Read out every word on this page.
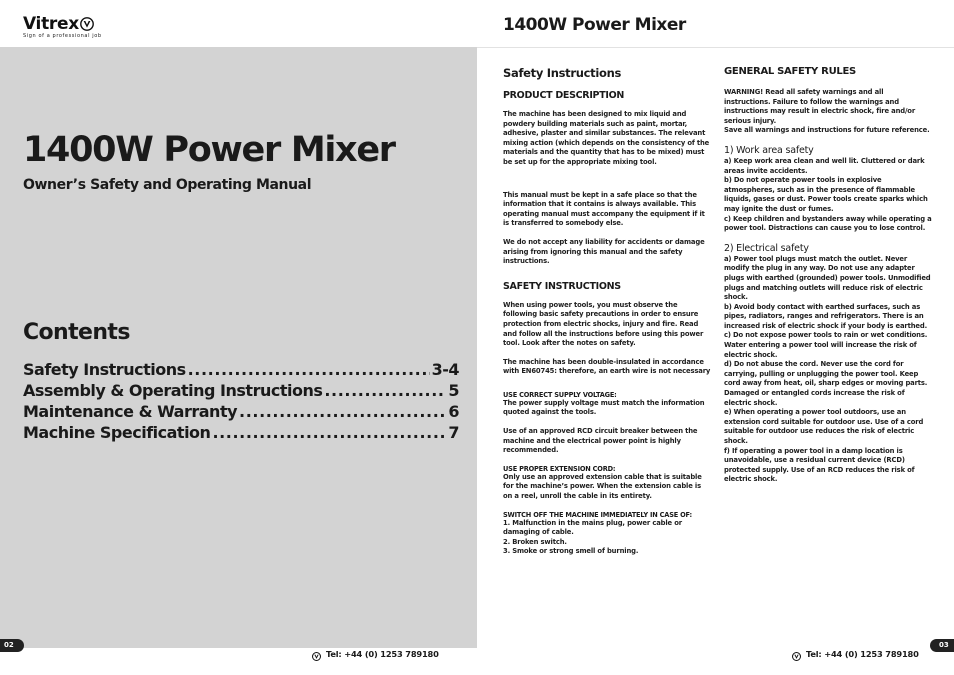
Vitrex
Sign of a professional job
1400W Power Mixer
Owner’s Safety and Operating Manual
Contents
Safety Instructions .....	3-4
Assembly & Operating Instructions .....	5
Maintenance & Warranty .....	6
Machine Specification .....	7
02
Tel: +44 (0) 1253 789180
1400W Power Mixer
Safety Instructions
PRODUCT DESCRIPTION
The machine has been designed to mix liquid and powdery building materials such as paint, mortar, adhesive, plaster and similar substances. The relevant mixing action (which depends on the consistency of the materials and the quantity that has to be mixed) must be set up for the appropriate mixing tool.
This manual must be kept in a safe place so that the information that it contains is always available. This operating manual must accompany the equipment if it is transferred to somebody else.
We do not accept any liability for accidents or damage arising from ignoring this manual and the safety instructions.
SAFETY INSTRUCTIONS
When using power tools, you must observe the following basic safety precautions in order to ensure protection from electric shocks, injury and fire. Read and follow all the instructions before using this power tool. Look after the notes on safety.
The machine has been double-insulated in accordance with EN60745: therefore, an earth wire is not necessary
USE CORRECT SUPPLY VOLTAGE:
The power supply voltage must match the information quoted against the tools.
Use of an approved RCD circuit breaker between the machine and the electrical power point is highly recommended.
USE PROPER EXTENSION CORD:
Only use an approved extension cable that is suitable for the machine’s power. When the extension cable is on a reel, unroll the cable in its entirety.
SWITCH OFF THE MACHINE IMMEDIATELY IN CASE OF:
1. Malfunction in the mains plug, power cable or damaging of cable.
2. Broken switch.
3. Smoke or strong smell of burning.
GENERAL SAFETY RULES
WARNING! Read all safety warnings and all instructions. Failure to follow the warnings and instructions may result in electric shock, fire and/or serious injury.
Save all warnings and instructions for future reference.
1) Work area safety
a) Keep work area clean and well lit. Cluttered or dark areas invite accidents.
b) Do not operate power tools in explosive atmospheres, such as in the presence of flammable liquids, gases or dust. Power tools create sparks which may ignite the dust or fumes.
c) Keep children and bystanders away while operating a power tool. Distractions can cause you to lose control.
2) Electrical safety
a) Power tool plugs must match the outlet. Never modify the plug in any way. Do not use any adapter plugs with earthed (grounded) power tools. Unmodified plugs and matching outlets will reduce risk of electric shock.
b) Avoid body contact with earthed surfaces, such as pipes, radiators, ranges and refrigerators. There is an increased risk of electric shock if your body is earthed.
c) Do not expose power tools to rain or wet conditions. Water entering a power tool will increase the risk of electric shock.
d) Do not abuse the cord. Never use the cord for carrying, pulling or unplugging the power tool. Keep cord away from heat, oil, sharp edges or moving parts. Damaged or entangled cords increase the risk of electric shock.
e) When operating a power tool outdoors, use an extension cord suitable for outdoor use. Use of a cord suitable for outdoor use reduces the risk of electric shock.
f) If operating a power tool in a damp location is unavoidable, use a residual current device (RCD) protected supply. Use of an RCD reduces the risk of electric shock.
Tel: +44 (0) 1253 789180
03
